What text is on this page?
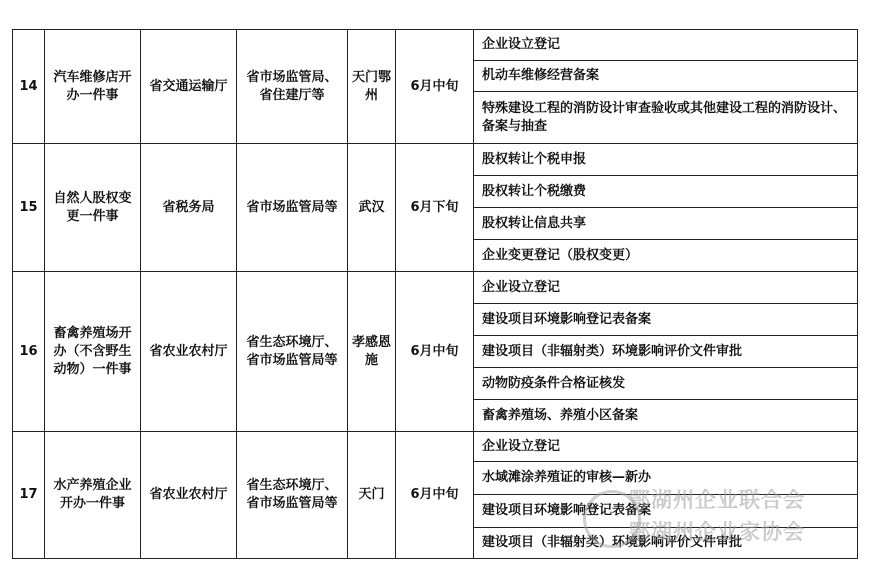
14	汽车维修店开办一件事	省交通运输厅	省市场监管局、省住建厅等	天门鄂州	6月中旬	企业设立登记
						机动车维修经营备案
						特殊建设工程的消防设计审查验收或其他建设工程的消防设计、备案与抽查
15	自然人股权变更一件事	省税务局	省市场监管局等	武汉	6月下旬	股权转让个税申报
						股权转让个税缴费
						股权转让信息共享
						企业变更登记（股权变更）
16	畜禽养殖场开办（不含野生动物）一件事	省农业农村厅	省生态环境厅、省市场监管局等	孝感恩施	6月中旬	企业设立登记
						建设项目环境影响登记表备案
						建设项目（非辐射类）环境影响评价文件审批
						动物防疫条件合格证核发
						畜禽养殖场、养殖小区备案
17	水产养殖企业开办一件事	省农业农村厅	省生态环境厅、省市场监管局等	天门	6月中旬	企业设立登记
						水域滩涂养殖证的审核—新办
						建设项目环境影响登记表备案
						建设项目（非辐射类）环境影响评价文件审批
鄂湖州企业联合会
鄂湖州企业家协会
